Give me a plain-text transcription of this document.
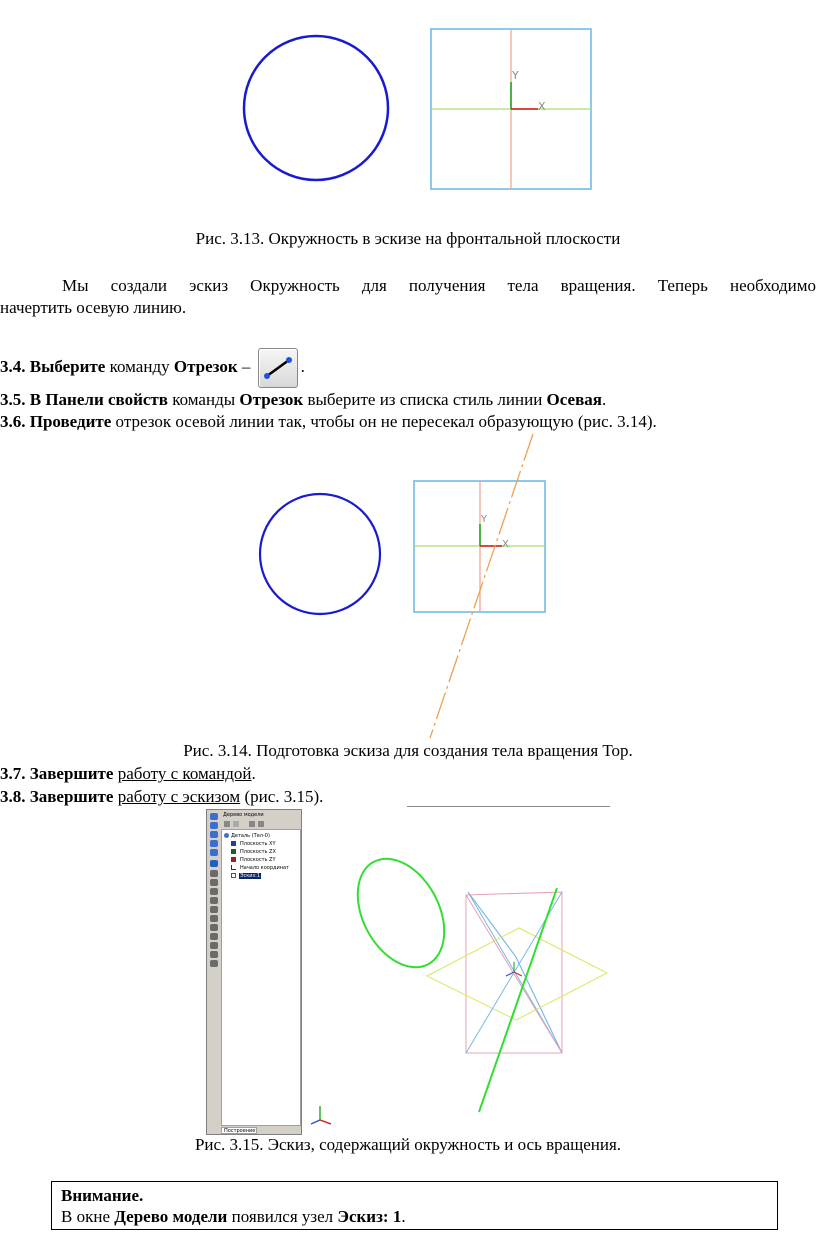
Y
X
Рис. 3.13. Окружность в эскизе на фронтальной плоскости
Мы создали эскиз Окружность для получения тела вращения. Теперь необходимо
начертить осевую линию.
3.4. Выберите команду Отрезок –	.
3.5. В Панели свойств команды Отрезок выберите из списка стиль линии Осевая.
3.6. Проведите отрезок осевой линии так, чтобы он не пересекал образующую (рис. 3.14).
Y
X
Рис. 3.14. Подготовка эскиза для создания тела вращения Тор.
3.7. Завершите работу с командой.
3.8. Завершите работу с эскизом (рис. 3.15).
Дерево модели
Деталь (Тел-0)
Плоскость XY
Плоскость ZX
Плоскость ZY
Начало координат
Эскиз:1
Построение
Рис. 3.15. Эскиз, содержащий окружность и ось вращения.
Внимание.
В окне Дерево модели появился узел Эскиз: 1.
